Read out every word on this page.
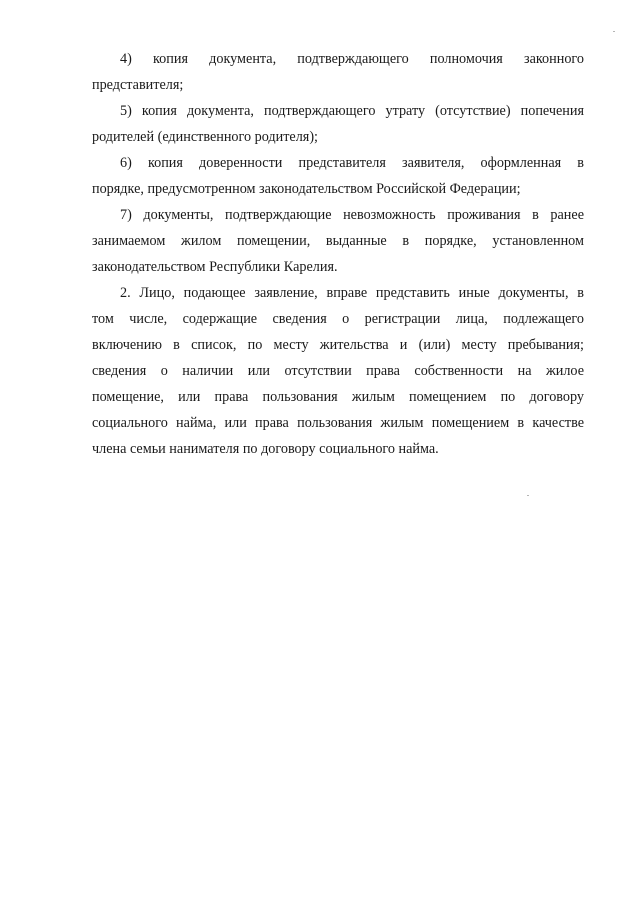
4) копия документа, подтверждающего полномочия законного
представителя;
5) копия документа, подтверждающего утрату (отсутствие) попечения
родителей (единственного родителя);
6) копия доверенности представителя заявителя, оформленная в
порядке, предусмотренном законодательством Российской Федерации;
7) документы, подтверждающие невозможность проживания в ранее
занимаемом жилом помещении, выданные в порядке, установленном
законодательством Республики Карелия.
2. Лицо, подающее заявление, вправе представить иные документы, в
том числе, содержащие сведения о регистрации лица, подлежащего
включению в список, по месту жительства и (или) месту пребывания;
сведения о наличии или отсутствии права собственности на жилое
помещение, или права пользования жилым помещением по договору
социального найма, или права пользования жилым помещением в качестве
члена семьи нанимателя по договору социального найма.
